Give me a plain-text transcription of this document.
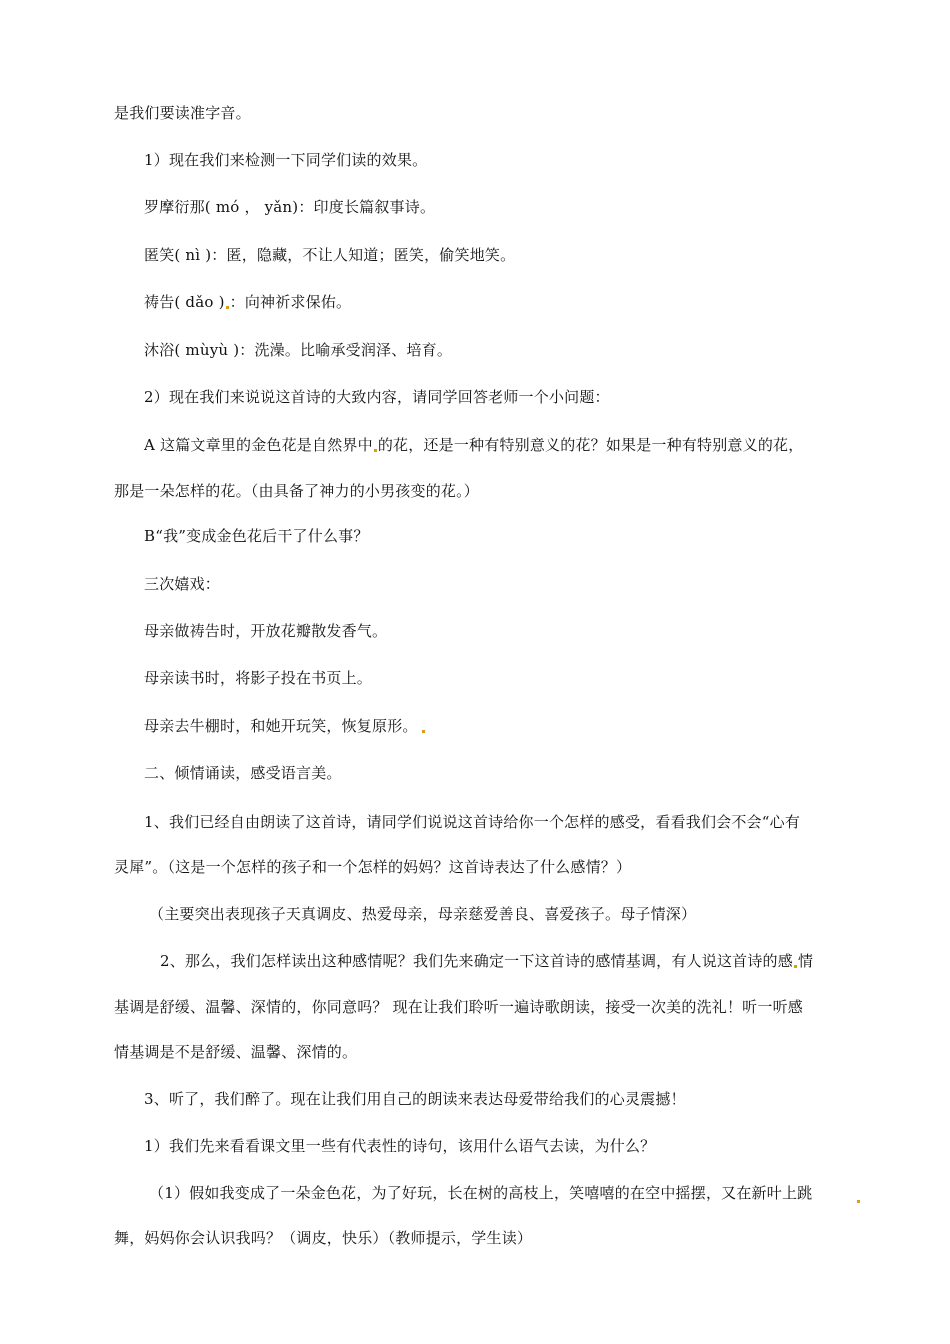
是我们要读准字音。
1）现在我们来检测一下同学们读的效果。
罗摩衍那( mó ， yǎn)：印度长篇叙事诗。
匿笑( nì )：匿，隐藏，不让人知道；匿笑，偷笑地笑。
祷告( dǎo ) ：向神祈求保佑。
沐浴( mùyù )：洗澡。比喻承受润泽、培育。
2）现在我们来说说这首诗的大致内容，请同学回答老师一个小问题：
A 这篇文章里的金色花是自然界中 的花，还是一种有特别意义的花？如果是一种有特别意义的花，
那是一朵怎样的花。（由具备了神力的小男孩变的花。）
B“我”变成金色花后干了什么事？
三次嬉戏：
母亲做祷告时，开放花瓣散发香气。
母亲读书时，将影子投在书页上。
母亲去牛棚时，和她开玩笑，恢复原形。
二、倾情诵读，感受语言美。
1、我们已经自由朗读了这首诗，请同学们说说这首诗给你一个怎样的感受，看看我们会不会“心有
灵犀”。（这是一个怎样的孩子和一个怎样的妈妈？这首诗表达了什么感情？）
（主要突出表现孩子天真调皮、热爱母亲，母亲慈爱善良、喜爱孩子。母子情深）
2、那么，我们怎样读出这种感情呢？我们先来确定一下这首诗的感情基调，有人说这首诗的感 情
基调是舒缓、温馨、深情的，你同意吗？ 现在让我们聆听一遍诗歌朗读，接受一次美的洗礼！听一听感
情基调是不是舒缓、温馨、深情的。
3、听了，我们醉了。现在让我们用自己的朗读来表达母爱带给我们的心灵震撼！
1）我们先来看看课文里一些有代表性的诗句，该用什么语气去读，为什么？
（1）假如我变成了一朵金色花，为了好玩，长在树的高枝上，笑嘻嘻的在空中摇摆，又在新叶上跳
舞，妈妈你会认识我吗？（调皮，快乐）（教师提示，学生读）
